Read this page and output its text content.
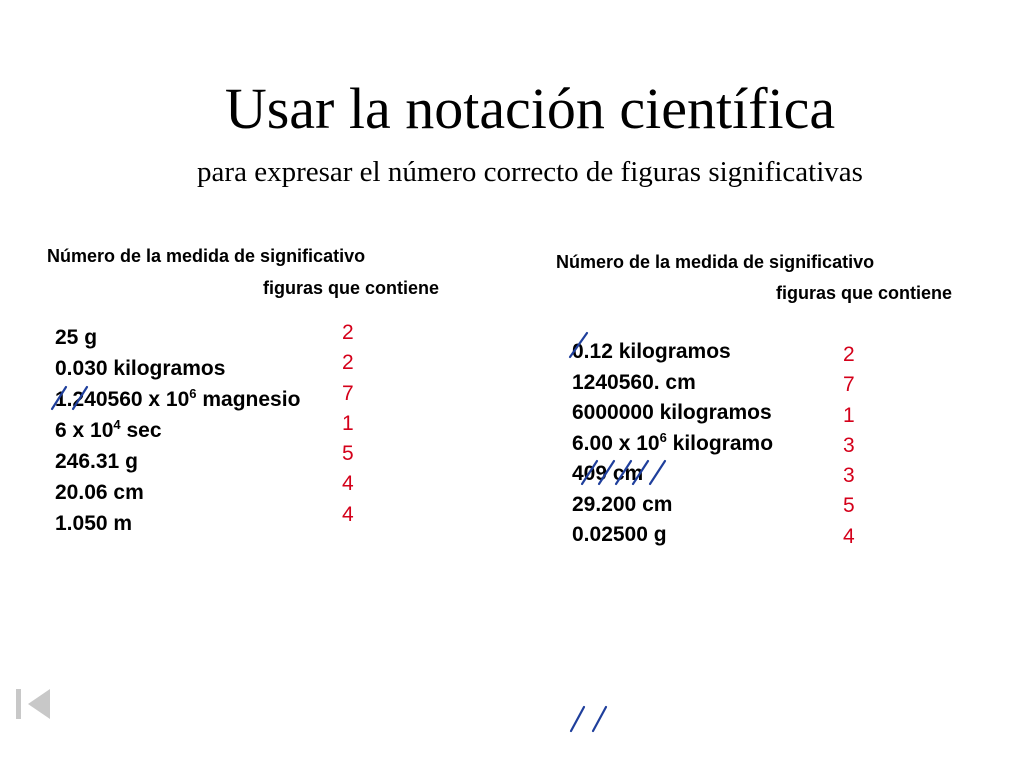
Usar la notación científica
para expresar el número correcto de figuras significativas
Número de la medida de significativo
figuras que contiene
25 g
0.030 kilogramos
1.240560 x $10^6$ magnesio
6 x $10^4$ sec
246.31 g
20.06 cm
1.050 m
2
2
7
1
5
4
4
Número de la medida de significativo
figuras que contiene
0.12 kilogramos
1240560. cm
6000000 kilogramos
6.00 x $10^6$ kilogramo
409 cm
29.200 cm
0.02500 g
2
7
1
3
3
5
4
